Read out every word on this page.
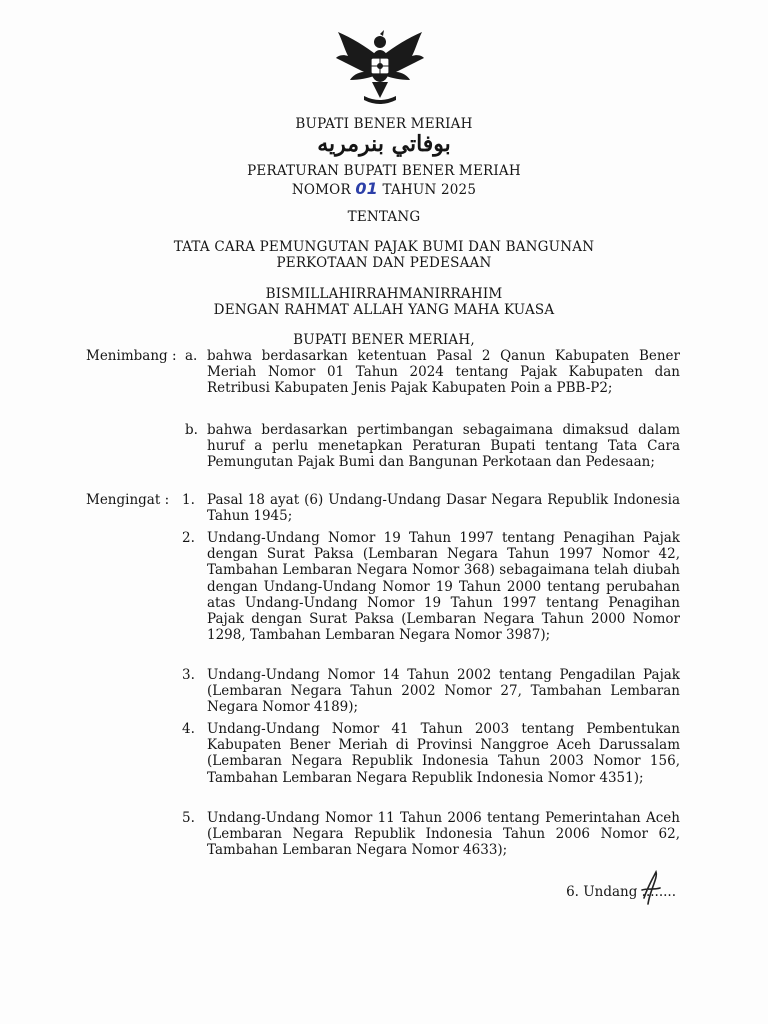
BUPATI BENER MERIAH
بوفاتي بنرمريه
PERATURAN BUPATI BENER MERIAH
NOMOR 01 TAHUN 2025
TENTANG
TATA CARA PEMUNGUTAN PAJAK BUMI DAN BANGUNAN
PERKOTAAN DAN PEDESAAN
BISMILLAHIRRAHMANIRRAHIM
DENGAN RAHMAT ALLAH YANG MAHA KUASA
BUPATI BENER MERIAH,
Menimbang : a. bahwa berdasarkan ketentuan Pasal 2 Qanun Kabupaten Bener Meriah Nomor 01 Tahun 2024 tentang Pajak Kabupaten dan Retribusi Kabupaten Jenis Pajak Kabupaten Poin a PBB-P2;

b. bahwa berdasarkan pertimbangan sebagaimana dimaksud dalam huruf a perlu menetapkan Peraturan Bupati tentang Tata Cara Pemungutan Pajak Bumi dan Bangunan Perkotaan dan Pedesaan;

Mengingat : 1. Pasal 18 ayat (6) Undang-Undang Dasar Negara Republik Indonesia Tahun 1945;

2. Undang-Undang Nomor 19 Tahun 1997 tentang Penagihan Pajak dengan Surat Paksa (Lembaran Negara Tahun 1997 Nomor 42, Tambahan Lembaran Negara Nomor 368) sebagaimana telah diubah dengan Undang-Undang Nomor 19 Tahun 2000 tentang perubahan atas Undang-Undang Nomor 19 Tahun 1997 tentang Penagihan Pajak dengan Surat Paksa (Lembaran Negara Tahun 2000 Nomor 1298, Tambahan Lembaran Negara Nomor 3987);

3. Undang-Undang Nomor 14 Tahun 2002 tentang Pengadilan Pajak (Lembaran Negara Tahun 2002 Nomor 27, Tambahan Lembaran Negara Nomor 4189);

4. Undang-Undang Nomor 41 Tahun 2003 tentang Pembentukan Kabupaten Bener Meriah di Provinsi Nanggroe Aceh Darussalam (Lembaran Negara Republik Indonesia Tahun 2003 Nomor 156, Tambahan Lembaran Negara Republik Indonesia Nomor 4351);

5. Undang-Undang Nomor 11 Tahun 2006 tentang Pemerintahan Aceh (Lembaran Negara Republik Indonesia Tahun 2006 Nomor 62, Tambahan Lembaran Negara Nomor 4633);

6. Undang ........
